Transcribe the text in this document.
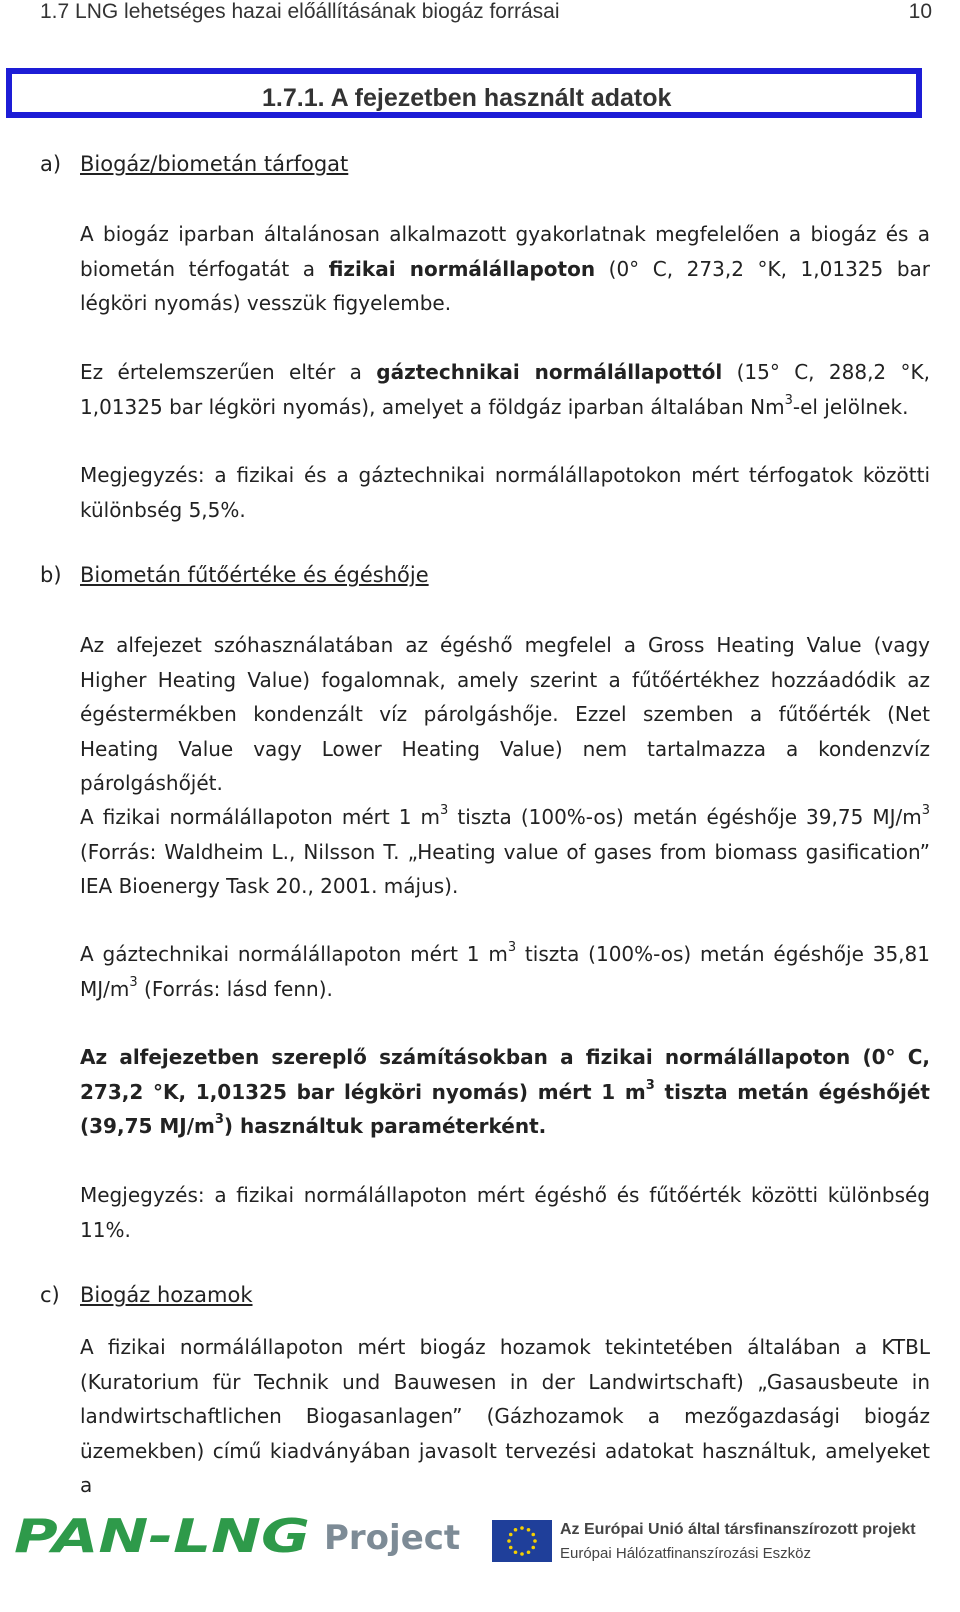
1.7 LNG lehetséges hazai előállításának biogáz forrásai	10
1.7.1. A fejezetben használt adatok
a) Biogáz/biometán tárfogat
A biogáz iparban általánosan alkalmazott gyakorlatnak megfelelően a biogáz és a biometán térfogatát a fizikai normálállapoton (0° C, 273,2 °K, 1,01325 bar légköri nyomás) vesszük figyelembe.
Ez értelemszerűen eltér a gáztechnikai normálállapottól (15° C, 288,2 °K, 1,01325 bar légköri nyomás), amelyet a földgáz iparban általában Nm$^3$-el jelölnek.
Megjegyzés: a fizikai és a gáztechnikai normálállapotokon mért térfogatok közötti különbség 5,5%.
b) Biometán fűtőértéke és égéshője
Az alfejezet szóhasználatában az égéshő megfelel a Gross Heating Value (vagy Higher Heating Value) fogalomnak, amely szerint a fűtőértékhez hozzáadódik az égéstermékben kondenzált víz párolgáshője. Ezzel szemben a fűtőérték (Net Heating Value vagy Lower Heating Value) nem tartalmazza a kondenzvíz párolgáshőjét.
A fizikai normálállapoton mért 1 $m^3$ tiszta (100%-os) metán égéshője 39,75 $MJ/m^3$ (Forrás: Waldheim L., Nilsson T. „Heating value of gases from biomass gasification” IEA Bioenergy Task 20., 2001. május).
A gáztechnikai normálállapoton mért 1 $m^3$ tiszta (100%-os) metán égéshője 35,81 $MJ/m^3$ (Forrás: lásd fenn).
Az alfejezetben szereplő számításokban a fizikai normálállapoton (0° C, 273,2 °K, 1,01325 bar légköri nyomás) mért 1 $m^3$ tiszta metán égéshőjét (39,75 $MJ/m^3$) használtuk paraméterként.
Megjegyzés: a fizikai normálállapoton mért égéshő és fűtőérték közötti különbség 11%.
c) Biogáz hozamok
A fizikai normálállapoton mért biogáz hozamok tekintetében általában a KTBL (Kuratorium für Technik und Bauwesen in der Landwirtschaft) „Gasausbeute in landwirtschaftlichen Biogasanlagen” (Gázhozamok a mezőgazdasági biogáz üzemekben) című kiadványában javasolt tervezési adatokat használtuk, amelyeket a
PAN-LNG Project	Az Európai Unió által társfinanszírozott projekt
Európai Hálózatfinanszírozási Eszköz
